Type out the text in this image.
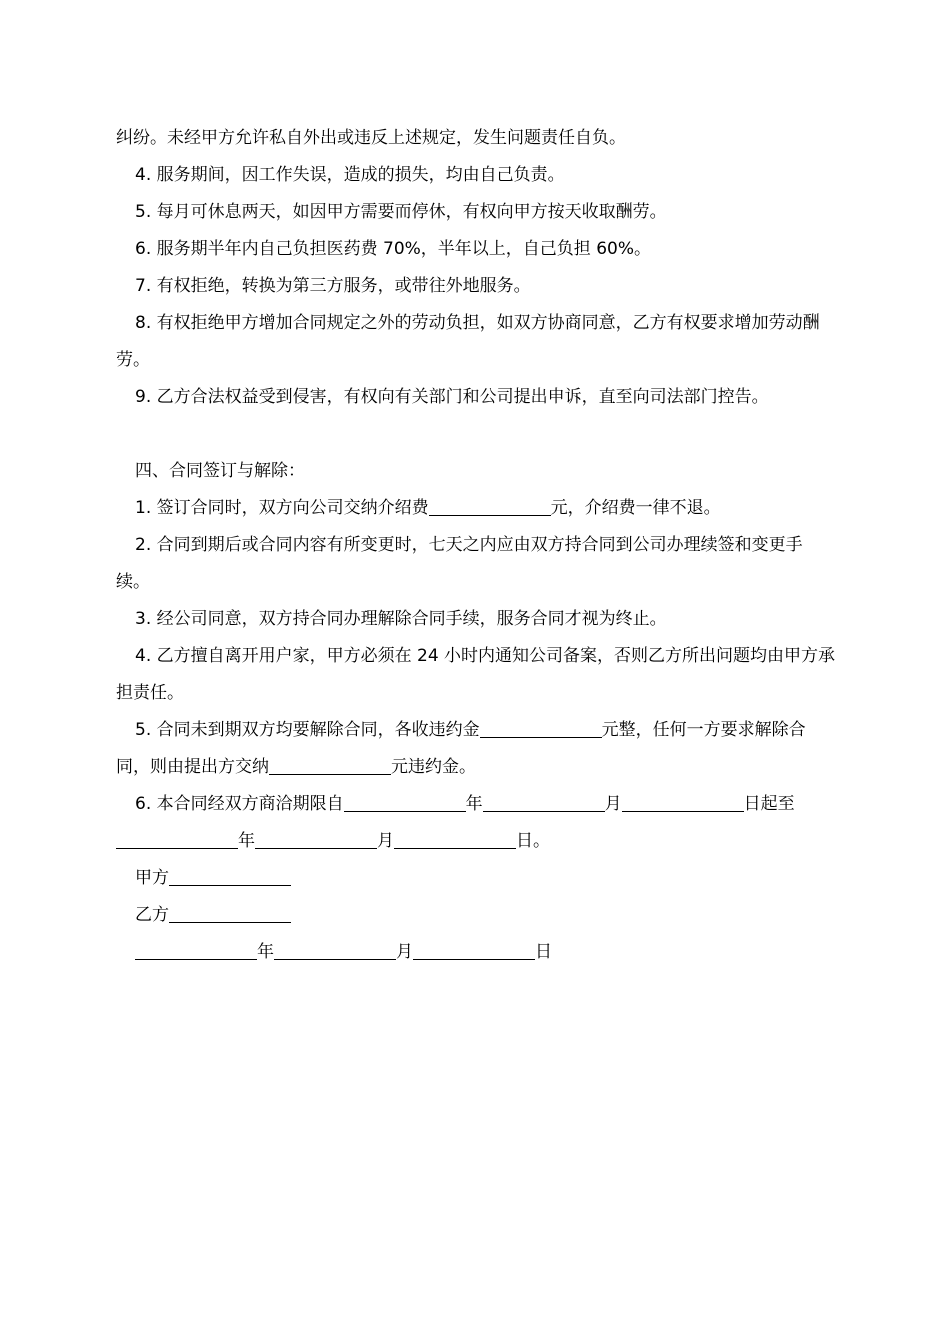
纠纷。未经甲方允许私自外出或违反上述规定，发生问题责任自负。

4. 服务期间，因工作失误，造成的损失，均由自己负责。

5. 每月可休息两天，如因甲方需要而停休，有权向甲方按天收取酬劳。

6. 服务期半年内自己负担医药费 70%，半年以上，自己负担 60%。

7. 有权拒绝，转换为第三方服务，或带往外地服务。

8. 有权拒绝甲方增加合同规定之外的劳动负担，如双方协商同意，乙方有权要求增加劳动酬劳。

9. 乙方合法权益受到侵害，有权向有关部门和公司提出申诉，直至向司法部门控告。

四、合同签订与解除：

1. 签订合同时，双方向公司交纳介绍费	元，介绍费一律不退。

2. 合同到期后或合同内容有所变更时，七天之内应由双方持合同到公司办理续签和变更手续。

3. 经公司同意，双方持合同办理解除合同手续，服务合同才视为终止。

4. 乙方擅自离开用户家，甲方必须在 24 小时内通知公司备案，否则乙方所出问题均由甲方承担责任。

5. 合同未到期双方均要解除合同，各收违约金	元整，任何一方要求解除合同，则由提出方交纳	元违约金。

6. 本合同经双方商洽期限自	年	月	日起至年	月	日。

甲方

乙方

年	月	日
